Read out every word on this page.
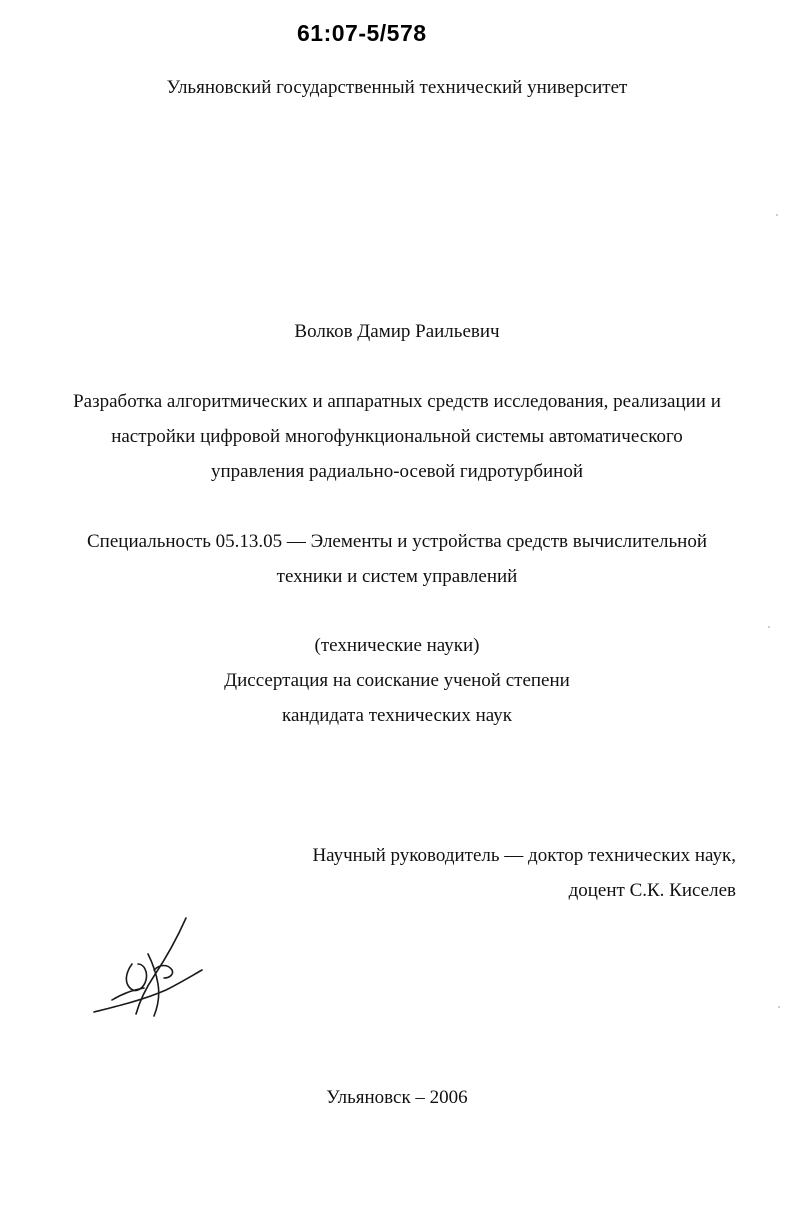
61:07-5/578
Ульяновский государственный технический университет
Волков Дамир Раильевич
Разработка алгоритмических и аппаратных средств исследования, реализации и
настройки цифровой многофункциональной системы автоматического
управления радиально-осевой гидротурбиной
Специальность 05.13.05 — Элементы и устройства средств вычислительной
техники и систем управлений
(технические науки)
Диссертация на соискание ученой степени
кандидата технических наук
Научный руководитель — доктор технических наук,
доцент С.К. Киселев
Ульяновск – 2006
